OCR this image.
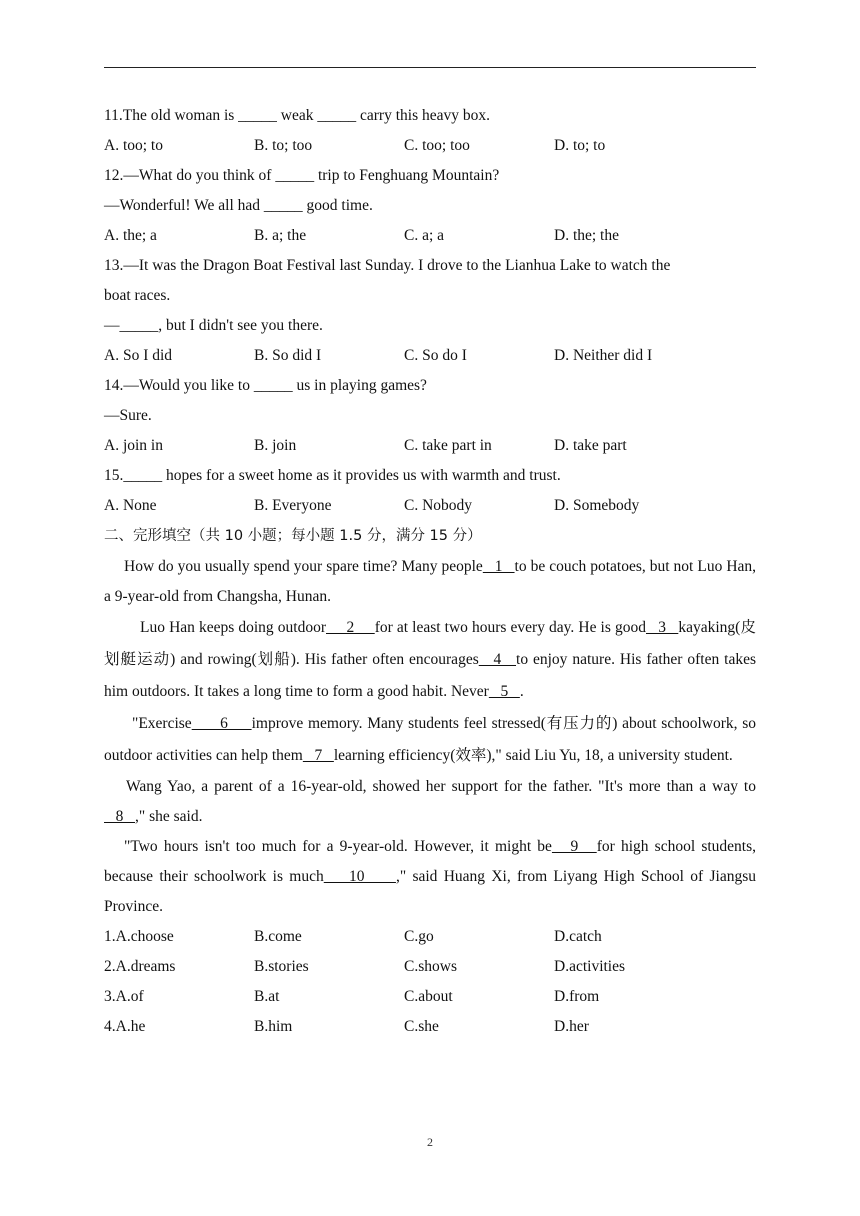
11.The old woman is _____ weak _____ carry this heavy box.
A. too; to	B. to; too	C. too; too	D. to; to
12.—What do you think of _____ trip to Fenghuang Mountain?
—Wonderful! We all had _____ good time.
A. the; a	B. a; the	C. a; a	D. the; the
13.—It was the Dragon Boat Festival last Sunday. I drove to the Lianhua Lake to watch the
boat races.
—_____, but I didn't see you there.
A. So I did	B. So did I	C. So do I	D. Neither did I
14.—Would you like to _____ us in playing games?
—Sure.
A. join in	B. join	C. take part in	D. take part
15._____ hopes for a sweet home as it provides us with warmth and trust.
A. None	B. Everyone	C. Nobody	D. Somebody
二、完形填空（共 10 小题；每小题 1.5 分，满分 15 分）
How do you usually spend your spare time? Many people   1   to be couch potatoes, but not Luo Han, a 9-year-old from Changsha, Hunan.
Luo Han keeps doing outdoor     2     for at least two hours every day. He is good   3   kayaking(皮划艇运动) and rowing(划船). His father often encourages   4   to enjoy nature. His father often takes him outdoors. It takes a long time to form a good habit. Never   5   .
"Exercise      6     improve memory. Many students feel stressed(有压力的) about schoolwork, so outdoor activities can help them   7   learning efficiency(效率)," said Liu Yu, 18, a university student.
Wang Yao, a parent of a 16-year-old, showed her support for the father. "It's more than a way to   8   ," she said.
"Two hours isn't too much for a 9-year-old. However, it might be   9   for high school students, because their schoolwork is much    10     ," said Huang Xi, from Liyang High School of Jiangsu Province.
1.A.choose	B.come	C.go	D.catch
2.A.dreams	B.stories	C.shows	D.activities
3.A.of	B.at	C.about	D.from
4.A.he	B.him	C.she	D.her
2
